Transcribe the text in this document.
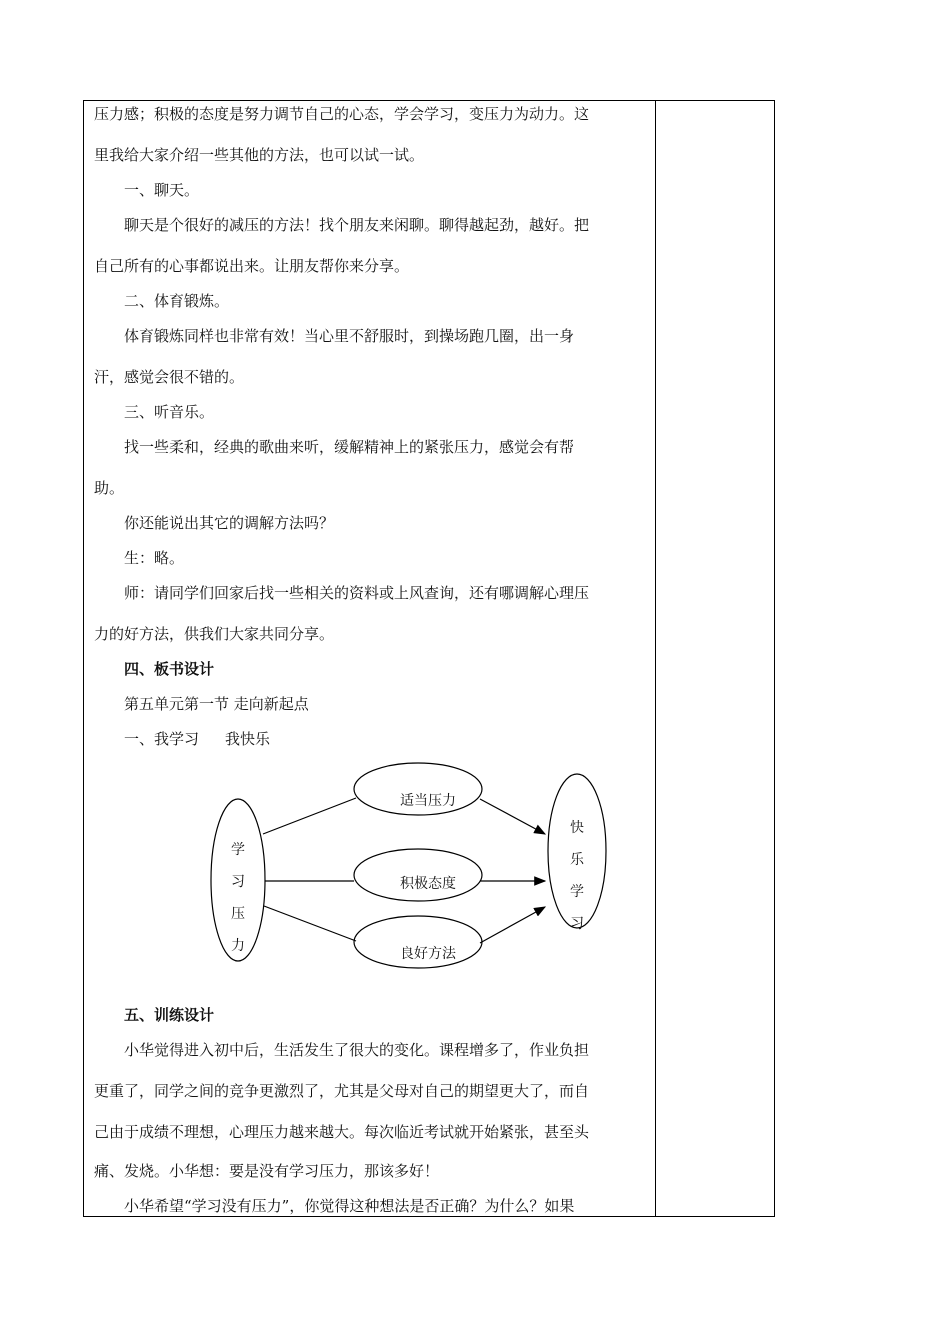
压力感；积极的态度是努力调节自己的心态，学会学习，变压力为动力。这
里我给大家介绍一些其他的方法，也可以试一试。
一、聊天。
聊天是个很好的减压的方法！找个朋友来闲聊。聊得越起劲，越好。把
自己所有的心事都说出来。让朋友帮你来分享。
二、体育锻炼。
体育锻炼同样也非常有效！当心里不舒服时，到操场跑几圈，出一身
汗，感觉会很不错的。
三、听音乐。
找一些柔和，经典的歌曲来听，缓解精神上的紧张压力，感觉会有帮
助。
你还能说出其它的调解方法吗？
生：略。
师：请同学们回家后找一些相关的资料或上风查询，还有哪调解心理压
力的好方法，供我们大家共同分享。
四、板书设计
第五单元第一节 走向新起点
一、我学习 我快乐
学
习
压
力
适当压力
积极态度
良好方法
快
乐
学
习
五、训练设计
小华觉得进入初中后，生活发生了很大的变化。课程增多了，作业负担
更重了，同学之间的竞争更激烈了，尤其是父母对自己的期望更大了，而自
己由于成绩不理想，心理压力越来越大。每次临近考试就开始紧张，甚至头
痛、发烧。小华想：要是没有学习压力，那该多好！
小华希望“学习没有压力”，你觉得这种想法是否正确？为什么？如果
